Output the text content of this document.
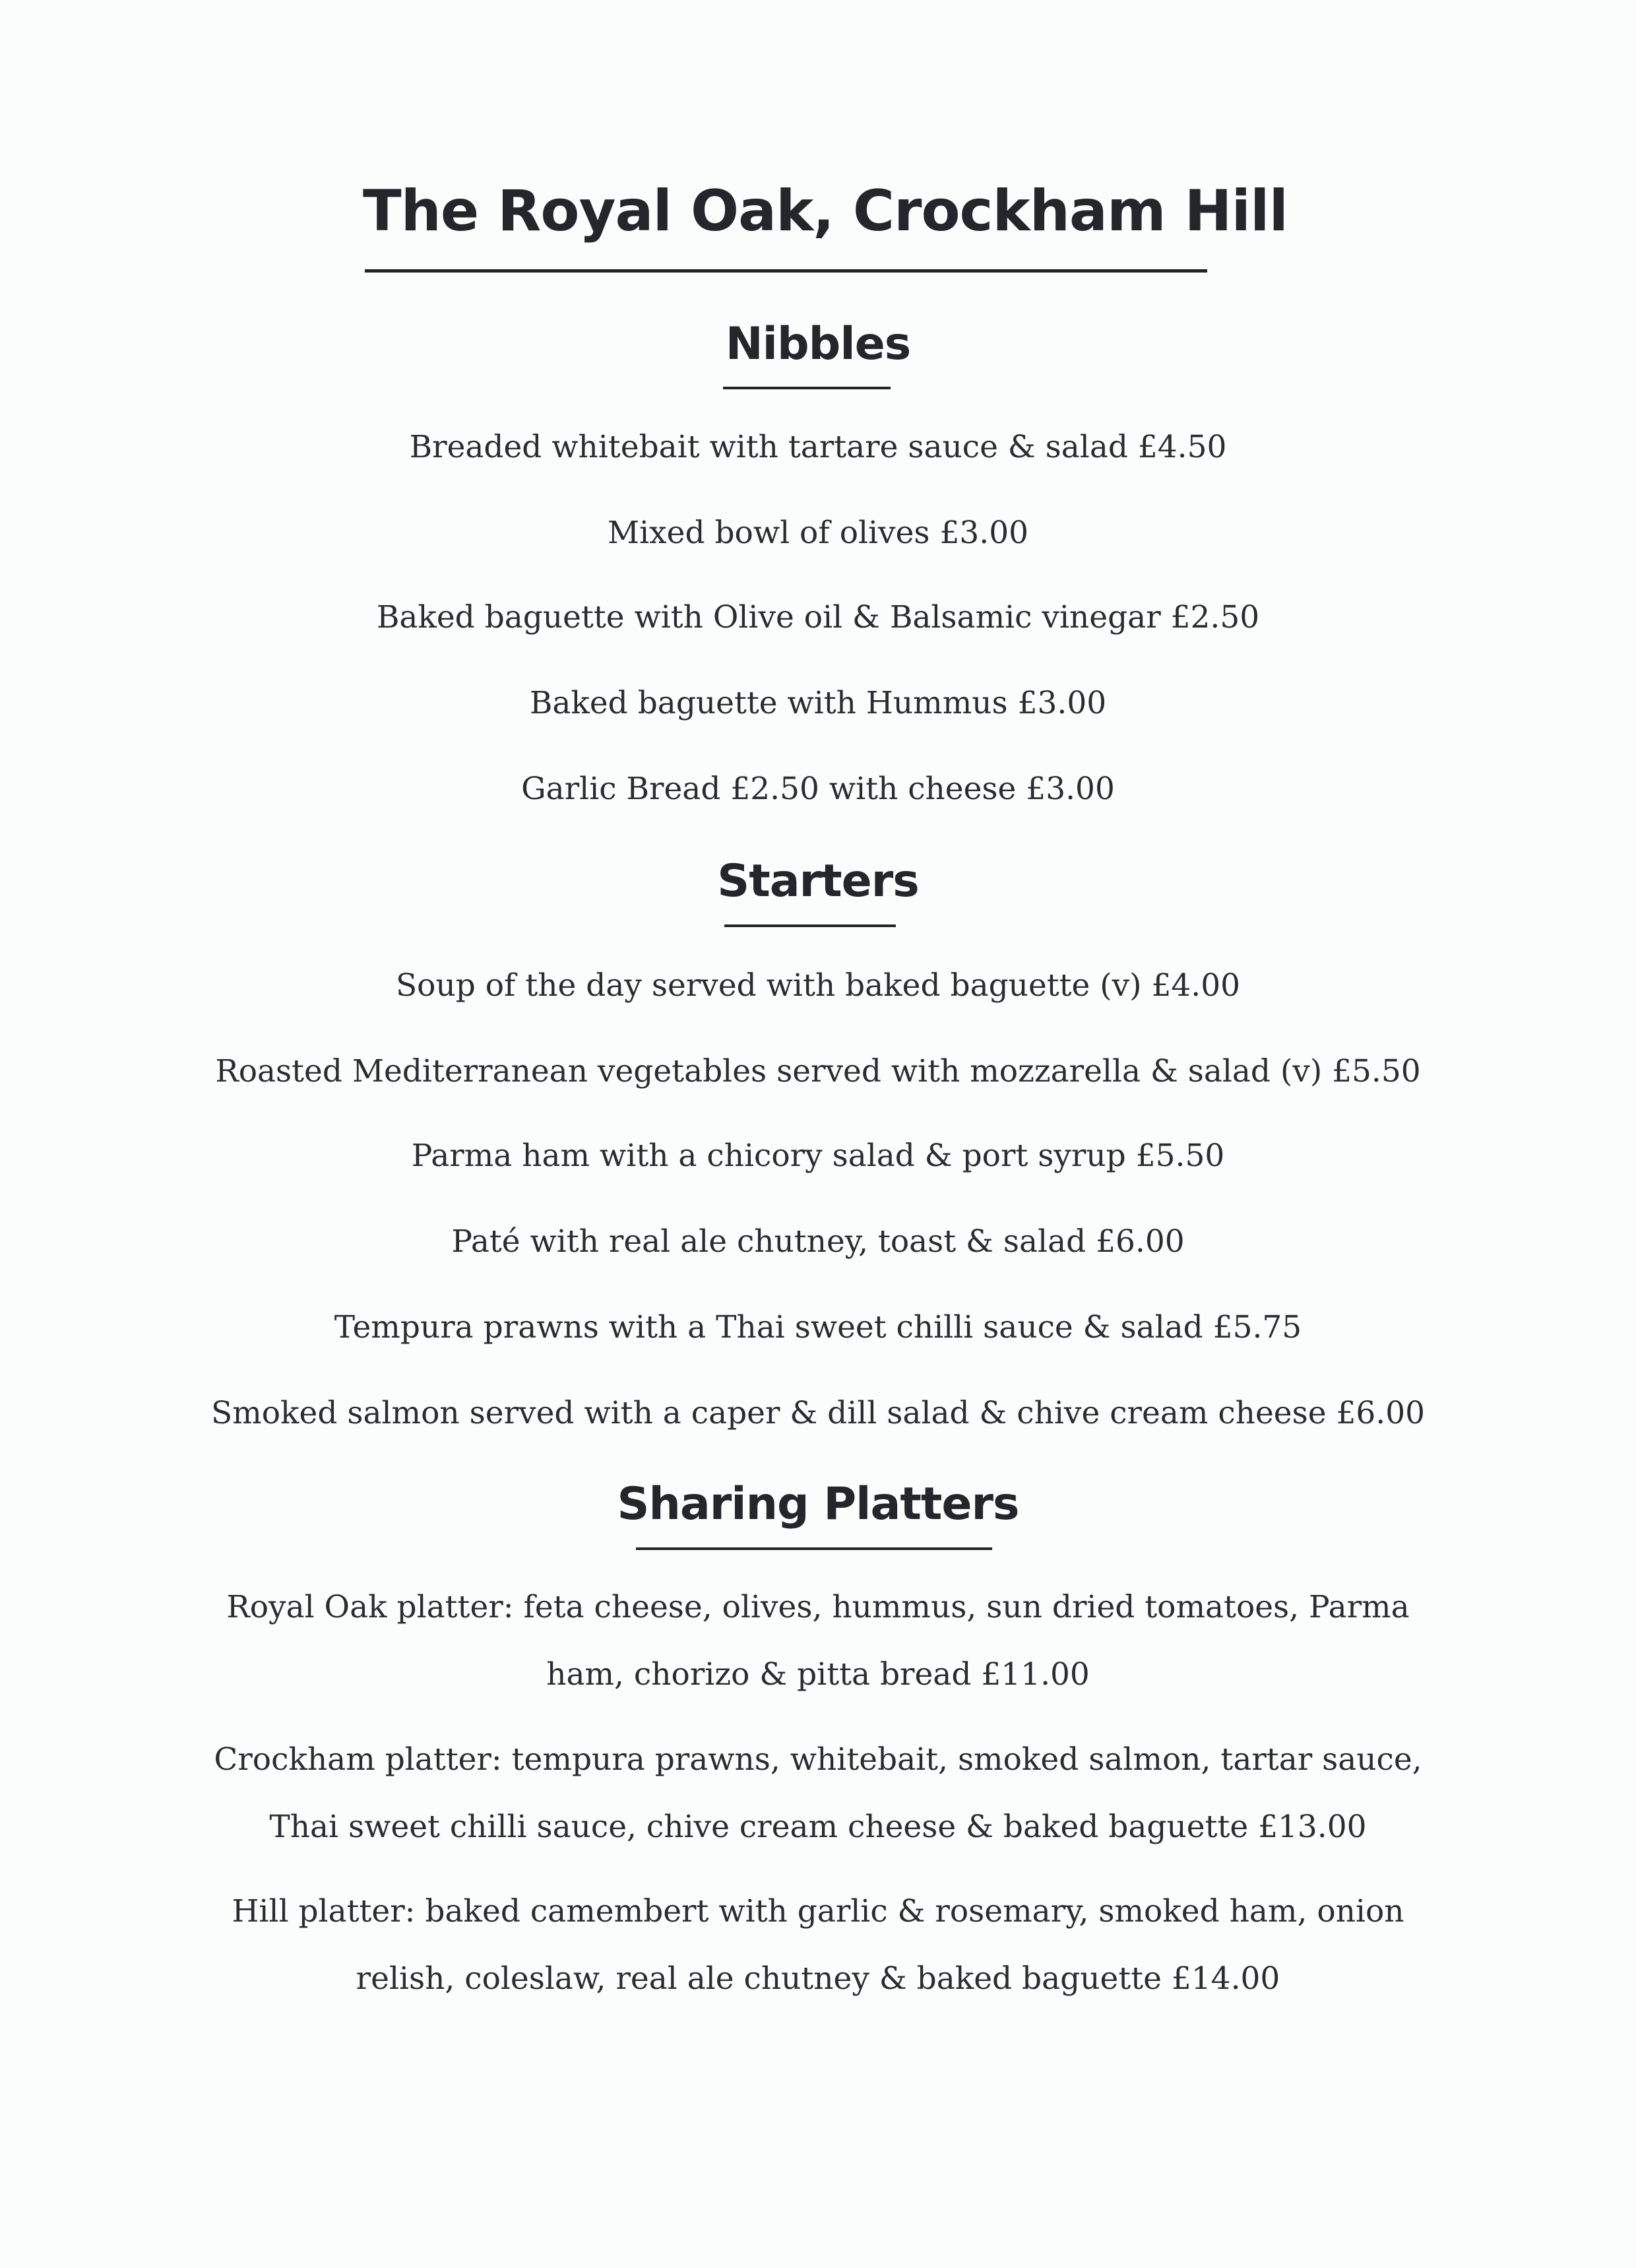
The Royal Oak, Crockham Hill
Nibbles
Breaded whitebait with tartare sauce & salad £4.50
Mixed bowl of olives £3.00
Baked baguette with Olive oil & Balsamic vinegar £2.50
Baked baguette with Hummus £3.00
Garlic Bread £2.50 with cheese £3.00
Starters
Soup of the day served with baked baguette (v) £4.00
Roasted Mediterranean vegetables served with mozzarella & salad (v) £5.50
Parma ham with a chicory salad & port syrup £5.50
Paté with real ale chutney, toast & salad £6.00
Tempura prawns with a Thai sweet chilli sauce & salad £5.75
Smoked salmon served with a caper & dill salad & chive cream cheese £6.00
Sharing Platters
Royal Oak platter: feta cheese, olives, hummus, sun dried tomatoes, Parma
ham, chorizo & pitta bread £11.00
Crockham platter: tempura prawns, whitebait, smoked salmon, tartar sauce,
Thai sweet chilli sauce, chive cream cheese & baked baguette £13.00
Hill platter: baked camembert with garlic & rosemary, smoked ham, onion
relish, coleslaw, real ale chutney & baked baguette £14.00
